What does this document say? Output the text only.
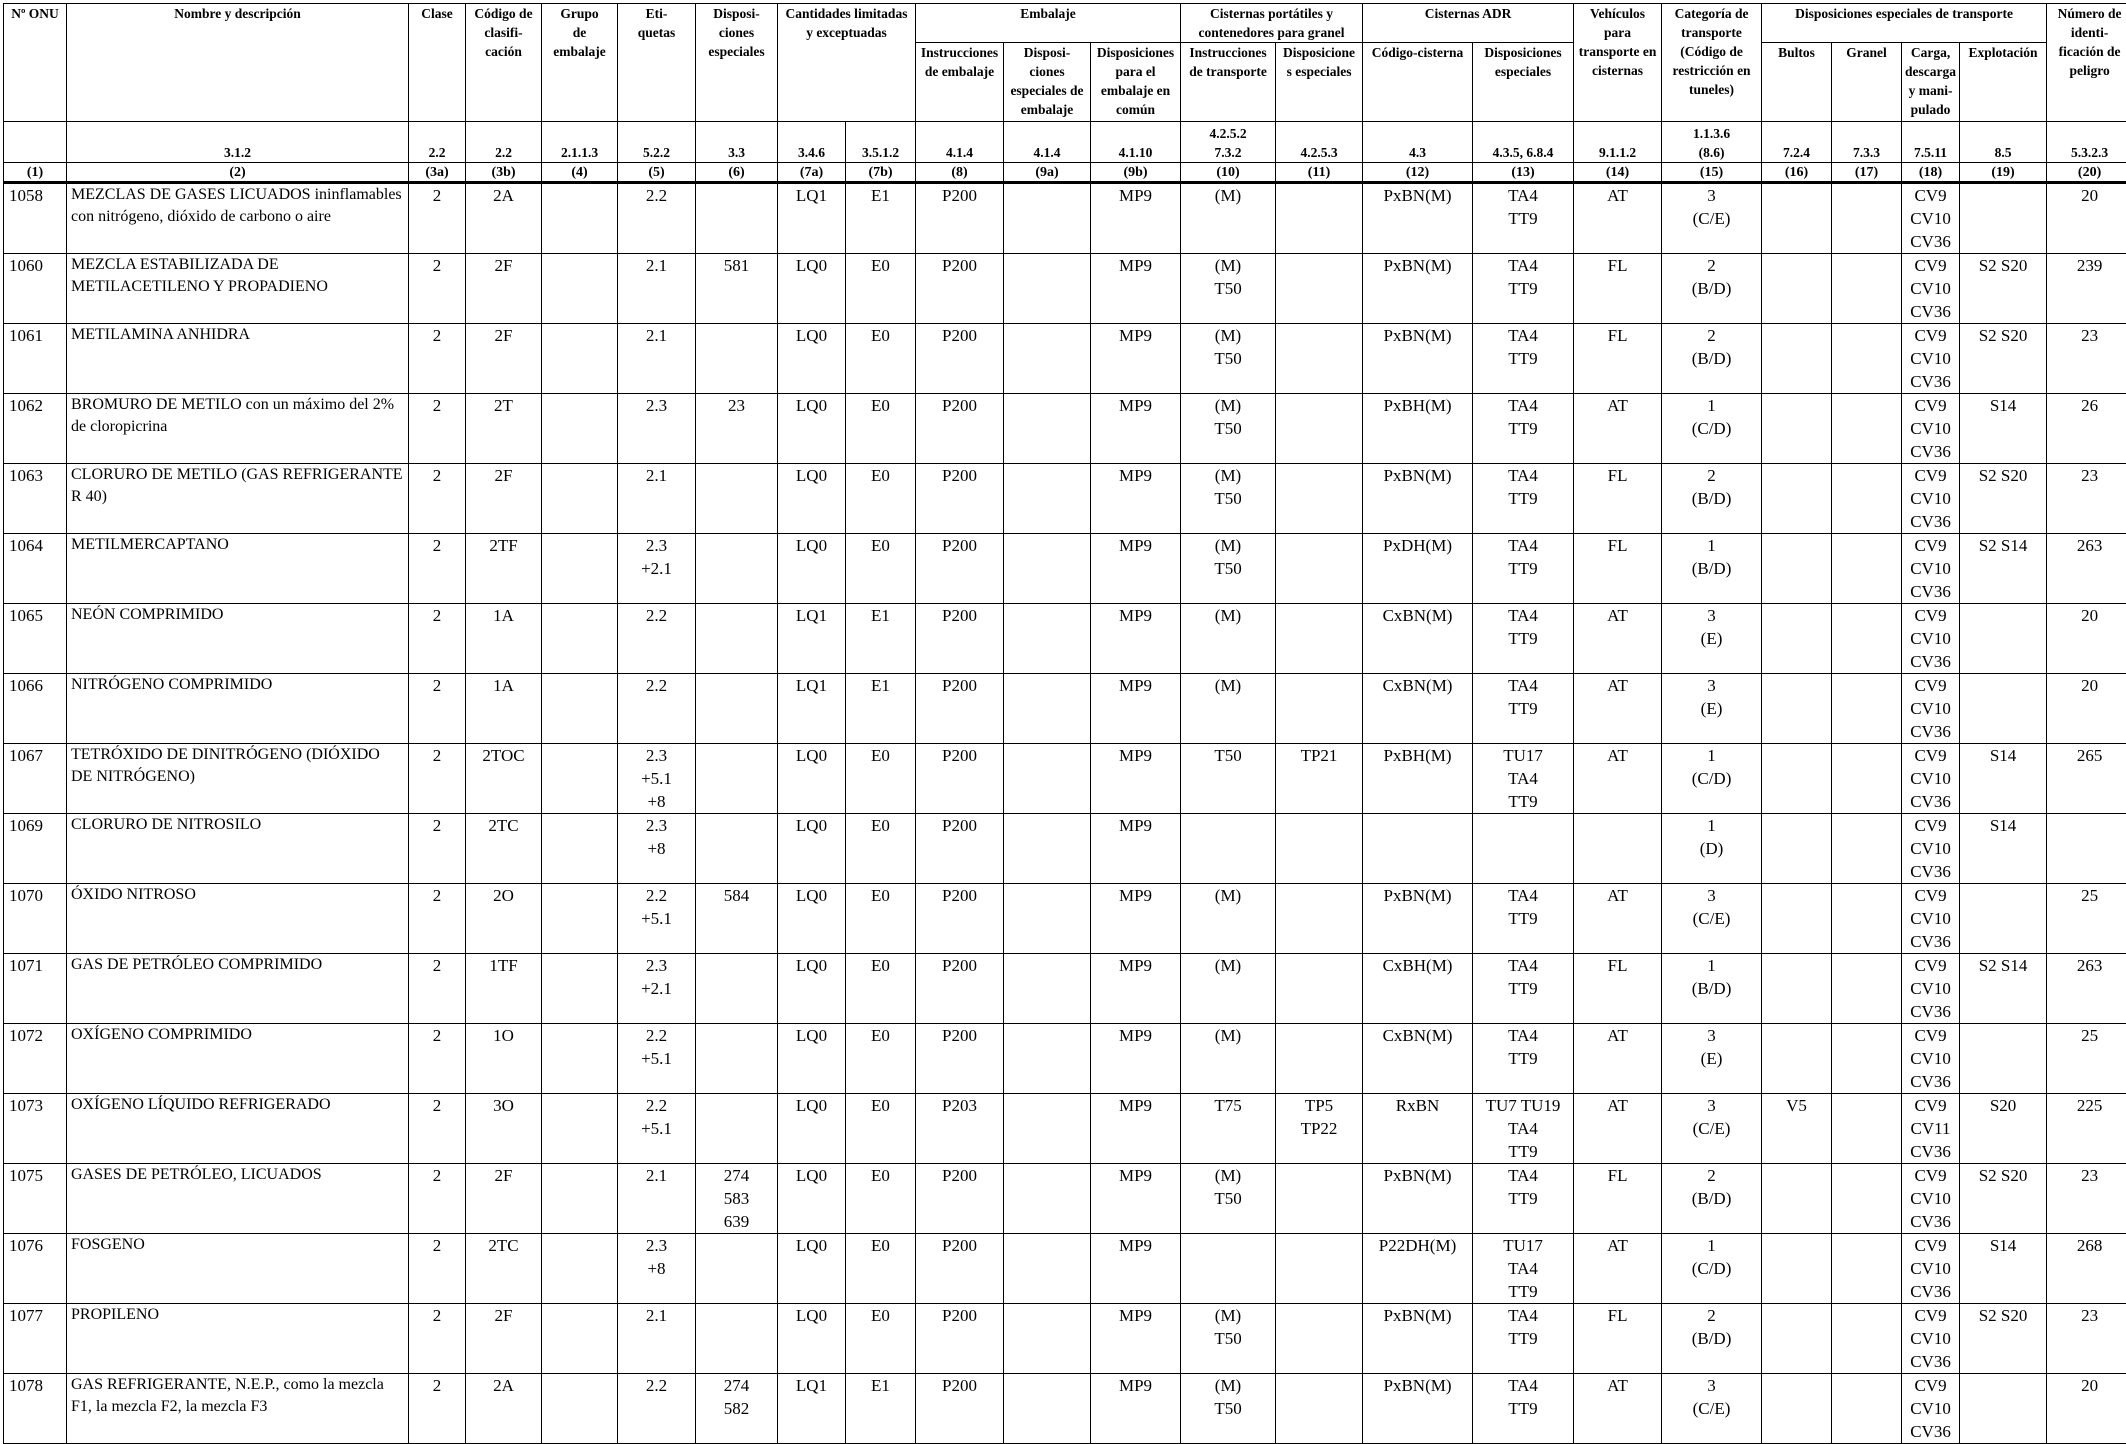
Nº ONU	Nombre y descripción	Clase	Código de
clasifi-
cación	Grupo
de
embalaje	Eti-
quetas	Disposi-
ciones
especiales	Cantidades limitadas
y exceptuadas		Embalaje			Cisternas portátiles y
contenedores para granel		Cisternas ADR		Vehículos
para
transporte en
cisternas	Categoría de
transporte
(Código de
restricción en
tuneles)	Disposiciones especiales de transporte				Número de
identi-
ficación de
peligro

									Instrucciones
de embalaje	Disposi-
ciones
especiales de
embalaje	Disposiciones
para el
embalaje en
común	Instrucciones
de transporte	Disposicione
s especiales	Código-cisterna	Disposiciones
especiales			Bultos	Granel	Carga,
descarga
y mani-
pulado	Explotación	

	3.1.2	2.2	2.2	2.1.1.3	5.2.2	3.3	3.4.6	3.5.1.2	4.1.4	4.1.4	4.1.10	4.2.5.2
7.3.2	4.2.5.3	4.3	4.3.5, 6.8.4	9.1.1.2	1.1.3.6
(8.6)	7.2.4	7.3.3	7.5.11	8.5	5.3.2.3

(1)	(2)	(3a)	(3b)	(4)	(5)	(6)	(7a)	(7b)	(8)	(9a)	(9b)	(10)	(11)	(12)	(13)	(14)	(15)	(16)	(17)	(18)	(19)	(20)
1058	MEZCLAS DE GASES LICUADOS ininflamables con nitrógeno, dióxido de carbono o aire	2	2A		2.2		LQ1	E1	P200		MP9	(M)		PxBN(M)	TA4
TT9	AT	3
(C/E)			CV9
CV10
CV36		20
1060	MEZCLA ESTABILIZADA DE METILACETILENO Y PROPADIENO	2	2F		2.1	581	LQ0	E0	P200		MP9	(M)
T50		PxBN(M)	TA4
TT9	FL	2
(B/D)			CV9
CV10
CV36	S2 S20	239
1061	METILAMINA ANHIDRA	2	2F		2.1		LQ0	E0	P200		MP9	(M)
T50		PxBN(M)	TA4
TT9	FL	2
(B/D)			CV9
CV10
CV36	S2 S20	23
1062	BROMURO DE METILO con un máximo del 2% de cloropicrina	2	2T		2.3	23	LQ0	E0	P200		MP9	(M)
T50		PxBH(M)	TA4
TT9	AT	1
(C/D)			CV9
CV10
CV36	S14	26
1063	CLORURO DE METILO (GAS REFRIGERANTE R 40)	2	2F		2.1		LQ0	E0	P200		MP9	(M)
T50		PxBN(M)	TA4
TT9	FL	2
(B/D)			CV9
CV10
CV36	S2 S20	23
1064	METILMERCAPTANO	2	2TF		2.3
+2.1		LQ0	E0	P200		MP9	(M)
T50		PxDH(M)	TA4
TT9	FL	1
(B/D)			CV9
CV10
CV36	S2 S14	263
1065	NEÓN COMPRIMIDO	2	1A		2.2		LQ1	E1	P200		MP9	(M)		CxBN(M)	TA4
TT9	AT	3
(E)			CV9
CV10
CV36		20
1066	NITRÓGENO COMPRIMIDO	2	1A		2.2		LQ1	E1	P200		MP9	(M)		CxBN(M)	TA4
TT9	AT	3
(E)			CV9
CV10
CV36		20
1067	TETRÓXIDO DE DINITRÓGENO (DIÓXIDO DE NITRÓGENO)	2	2TOC		2.3
+5.1
+8		LQ0	E0	P200		MP9	T50	TP21	PxBH(M)	TU17
TA4
TT9	AT	1
(C/D)			CV9
CV10
CV36	S14	265
1069	CLORURO DE NITROSILO	2	2TC		2.3
+8		LQ0	E0	P200		MP9						1
(D)			CV9
CV10
CV36	S14	
1070	ÓXIDO NITROSO	2	2O		2.2
+5.1	584	LQ0	E0	P200		MP9	(M)		PxBN(M)	TA4
TT9	AT	3
(C/E)			CV9
CV10
CV36		25
1071	GAS DE PETRÓLEO COMPRIMIDO	2	1TF		2.3
+2.1		LQ0	E0	P200		MP9	(M)		CxBH(M)	TA4
TT9	FL	1
(B/D)			CV9
CV10
CV36	S2 S14	263
1072	OXÍGENO COMPRIMIDO	2	1O		2.2
+5.1		LQ0	E0	P200		MP9	(M)		CxBN(M)	TA4
TT9	AT	3
(E)			CV9
CV10
CV36		25
1073	OXÍGENO LÍQUIDO REFRIGERADO	2	3O		2.2
+5.1		LQ0	E0	P203		MP9	T75	TP5
TP22	RxBN	TU7 TU19
TA4
TT9	AT	3
(C/E)	V5		CV9
CV11
CV36	S20	225
1075	GASES DE PETRÓLEO, LICUADOS	2	2F		2.1	274
583
639	LQ0	E0	P200		MP9	(M)
T50		PxBN(M)	TA4
TT9	FL	2
(B/D)			CV9
CV10
CV36	S2 S20	23
1076	FOSGENO	2	2TC		2.3
+8		LQ0	E0	P200		MP9			P22DH(M)	TU17
TA4
TT9	AT	1
(C/D)			CV9
CV10
CV36	S14	268
1077	PROPILENO	2	2F		2.1		LQ0	E0	P200		MP9	(M)
T50		PxBN(M)	TA4
TT9	FL	2
(B/D)			CV9
CV10
CV36	S2 S20	23
1078	GAS REFRIGERANTE, N.E.P., como la mezcla F1, la mezcla F2, la mezcla F3	2	2A		2.2	274
582	LQ1	E1	P200		MP9	(M)
T50		PxBN(M)	TA4
TT9	AT	3
(C/E)			CV9
CV10
CV36		20
